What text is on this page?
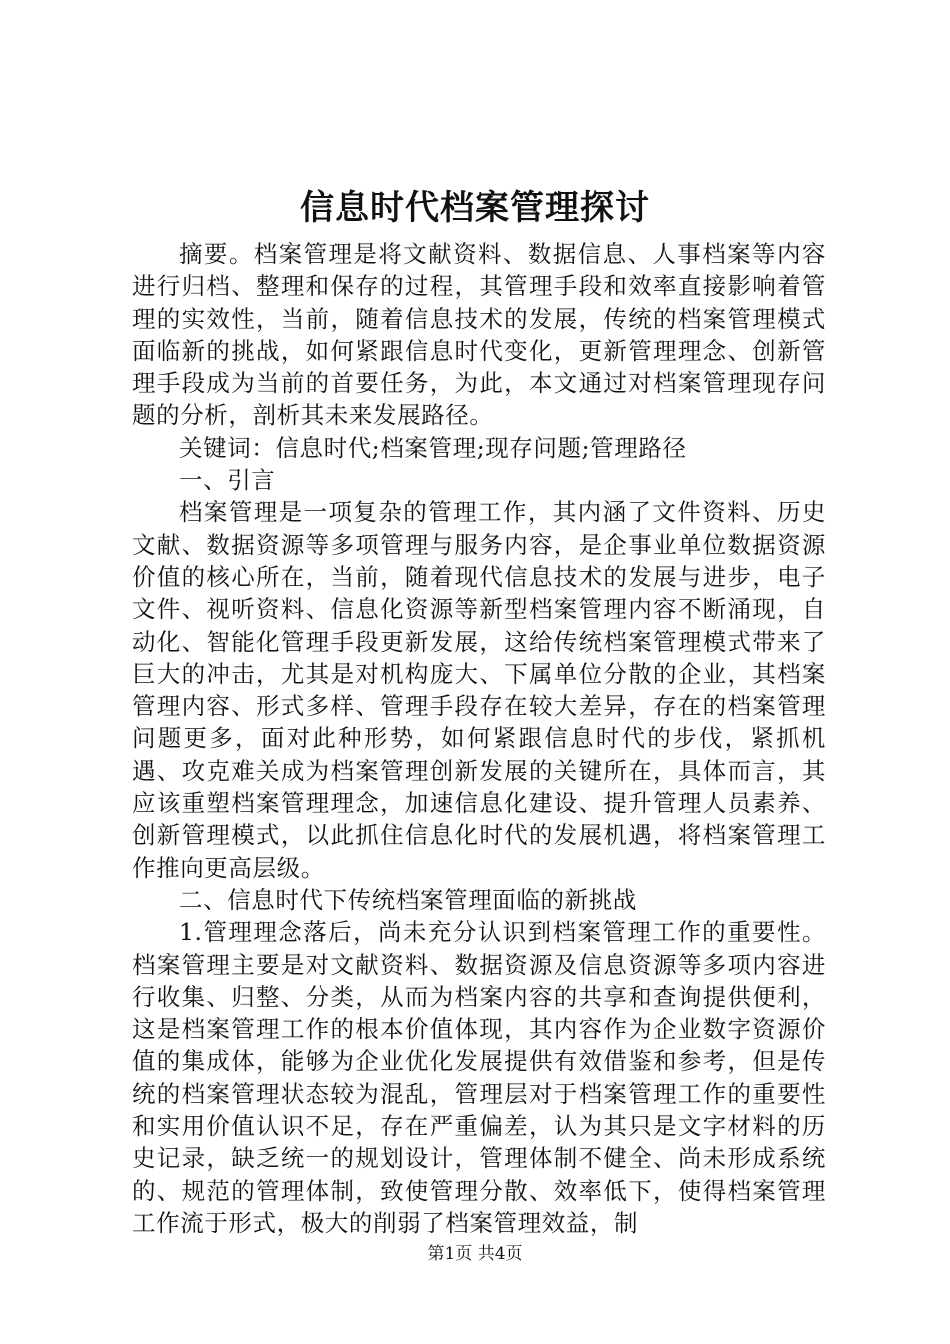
信息时代档案管理探讨

摘要。档案管理是将文献资料、数据信息、人事档案等内容进行归档、整理和保存的过程，其管理手段和效率直接影响着管理的实效性，当前，随着信息技术的发展，传统的档案管理模式面临新的挑战，如何紧跟信息时代变化，更新管理理念、创新管理手段成为当前的首要任务，为此，本文通过对档案管理现存问题的分析，剖析其未来发展路径。

关键词：信息时代;档案管理;现存问题;管理路径

一、引言

档案管理是一项复杂的管理工作，其内涵了文件资料、历史文献、数据资源等多项管理与服务内容，是企事业单位数据资源价值的核心所在，当前，随着现代信息技术的发展与进步，电子文件、视听资料、信息化资源等新型档案管理内容不断涌现，自动化、智能化管理手段更新发展，这给传统档案管理模式带来了巨大的冲击，尤其是对机构庞大、下属单位分散的企业，其档案管理内容、形式多样、管理手段存在较大差异，存在的档案管理问题更多，面对此种形势，如何紧跟信息时代的步伐，紧抓机遇、攻克难关成为档案管理创新发展的关键所在，具体而言，其应该重塑档案管理理念，加速信息化建设、提升管理人员素养、创新管理模式，以此抓住信息化时代的发展机遇，将档案管理工作推向更高层级。

二、信息时代下传统档案管理面临的新挑战

1.管理理念落后，尚未充分认识到档案管理工作的重要性。档案管理主要是对文献资料、数据资源及信息资源等多项内容进行收集、归整、分类，从而为档案内容的共享和查询提供便利，这是档案管理工作的根本价值体现，其内容作为企业数字资源价值的集成体，能够为企业优化发展提供有效借鉴和参考，但是传统的档案管理状态较为混乱，管理层对于档案管理工作的重要性和实用价值认识不足，存在严重偏差，认为其只是文字材料的历史记录，缺乏统一的规划设计，管理体制不健全、尚未形成系统的、规范的管理体制，致使管理分散、效率低下，使得档案管理工作流于形式，极大的削弱了档案管理效益，制

第1页 共4页
